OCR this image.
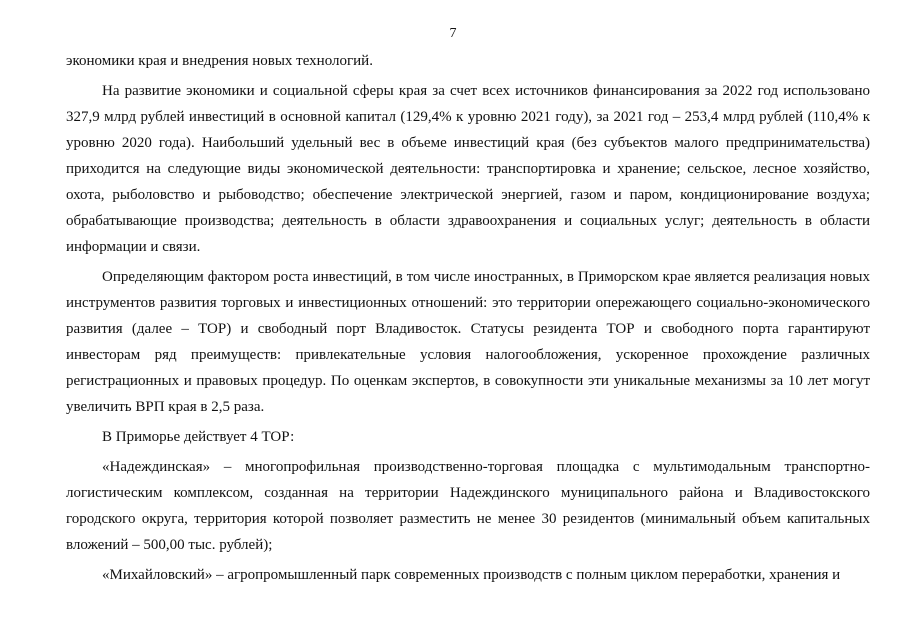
7

экономики края и внедрения новых технологий.

На развитие экономики и социальной сферы края за счет всех источников финансирования за 2022 год использовано 327,9 млрд рублей инвестиций в основной капитал (129,4% к уровню 2021 году), за 2021 год – 253,4 млрд рублей (110,4% к уровню 2020 года). Наибольший удельный вес в объеме инвестиций края (без субъектов малого предпринимательства) приходится на следующие виды экономической деятельности: транспортировка и хранение; сельское, лесное хозяйство, охота, рыболовство и рыбоводство; обеспечение электрической энергией, газом и паром, кондиционирование воздуха; обрабатывающие производства; деятельность в области здравоохранения и социальных услуг; деятельность в области информации и связи.

Определяющим фактором роста инвестиций, в том числе иностранных, в Приморском крае является реализация новых инструментов развития торговых и инвестиционных отношений: это территории опережающего социально-экономического развития (далее – ТОР) и свободный порт Владивосток. Статусы резидента ТОР и свободного порта гарантируют инвесторам ряд преимуществ: привлекательные условия налогообложения, ускоренное прохождение различных регистрационных и правовых процедур. По оценкам экспертов, в совокупности эти уникальные механизмы за 10 лет могут увеличить ВРП края в 2,5 раза.

В Приморье действует 4 ТОР:

«Надеждинская» – многопрофильная производственно-торговая площадка с мультимодальным транспортно-логистическим комплексом, созданная на территории Надеждинского муниципального района и Владивостокского городского округа, территория которой позволяет разместить не менее 30 резидентов (минимальный объем капитальных вложений – 500,00 тыс. рублей);

«Михайловский» – агропромышленный парк современных производств с полным циклом переработки, хранения и
